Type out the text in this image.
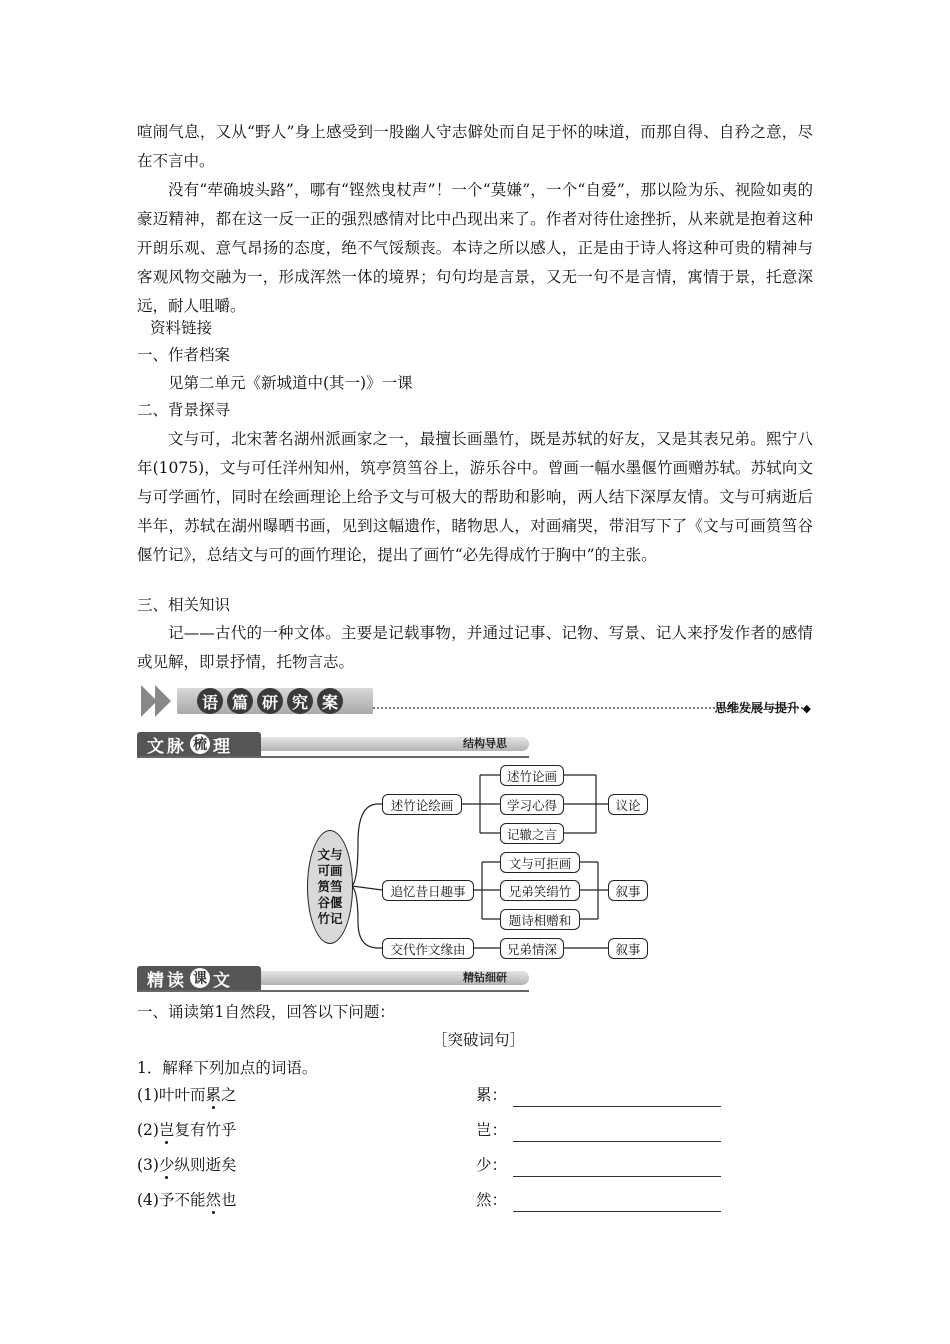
喧闹气息，又从“野人”身上感受到一股幽人守志僻处而自足于怀的味道，而那自得、自矜之意，尽在不言中。

没有“荦确坡头路”，哪有“铿然曳杖声”！一个“莫嫌”，一个“自爱”，那以险为乐、视险如夷的豪迈精神，都在这一反一正的强烈感情对比中凸现出来了。作者对待仕途挫折，从来就是抱着这种开朗乐观、意气昂扬的态度，绝不气馁颓丧。本诗之所以感人，正是由于诗人将这种可贵的精神与客观风物交融为一，形成浑然一体的境界；句句均是言景，又无一句不是言情，寓情于景，托意深远，耐人咀嚼。

资料链接
一、作者档案
见第二单元《新城道中(其一)》一课
二、背景探寻

文与可，北宋著名湖州派画家之一，最擅长画墨竹，既是苏轼的好友，又是其表兄弟。熙宁八年(1075)，文与可任洋州知州，筑亭筼筜谷上，游乐谷中。曾画一幅水墨偃竹画赠苏轼。苏轼向文与可学画竹，同时在绘画理论上给予文与可极大的帮助和影响，两人结下深厚友情。文与可病逝后半年，苏轼在湖州曝晒书画，见到这幅遗作，睹物思人，对画痛哭，带泪写下了《文与可画筼筜谷偃竹记》，总结文与可的画竹理论，提出了画竹“必先得成竹于胸中”的主张。

三、相关知识

记——古代的一种文体。主要是记载事物，并通过记事、记物、写景、记人来抒发作者的感情或见解，即景抒情，托物言志。

语 篇 研 究 案	思维发展与提升 ◆
文脉 梳 理	结构导思
文与
可画
筼筜
谷偃
竹记
述竹论绘画
追忆昔日趣事
交代作文缘由
述竹论画
学习心得
记辙之言
文与可拒画
兄弟笑绢竹
题诗相赠和
兄弟情深
议论
叙事
叙事
精读 课 文	精钻细研
一、诵读第1自然段，回答以下问题：
［突破词句］
1．解释下列加点的词语。
(1)叶叶而累之	累：
(2)岂复有竹乎	岂：
(3)少纵则逝矣	少：
(4)予不能然也	然：
